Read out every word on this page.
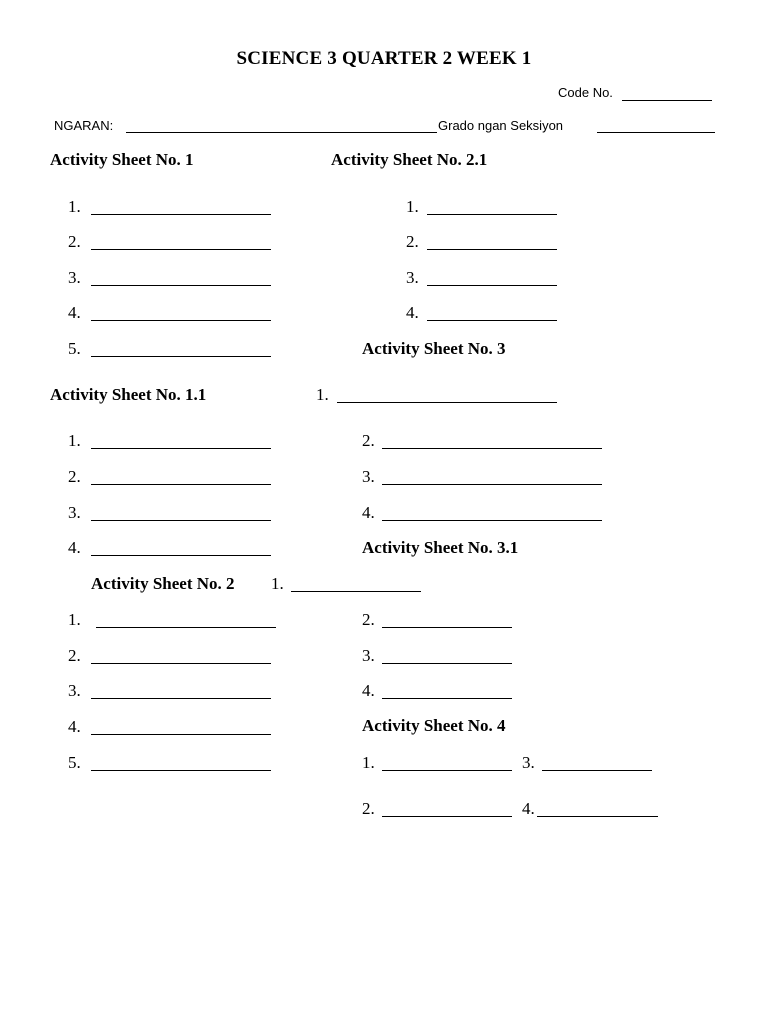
SCIENCE 3 QUARTER 2 WEEK 1
Code No.
NGARAN:	Grado ngan Seksiyon
Activity Sheet No. 1
1.
2.
3.
4.
5.
Activity Sheet No. 2.1
1.
2.
3.
4.
Activity Sheet No. 3
1.
2.
3.
4.
Activity Sheet No. 1.1
1.
2.
3.
4.	Activity Sheet No. 3.1
Activity Sheet No. 2 1.
1.
2.
3.
4.
5.
2.
3.
4.
Activity Sheet No. 4
1.	3.
2.	4.
